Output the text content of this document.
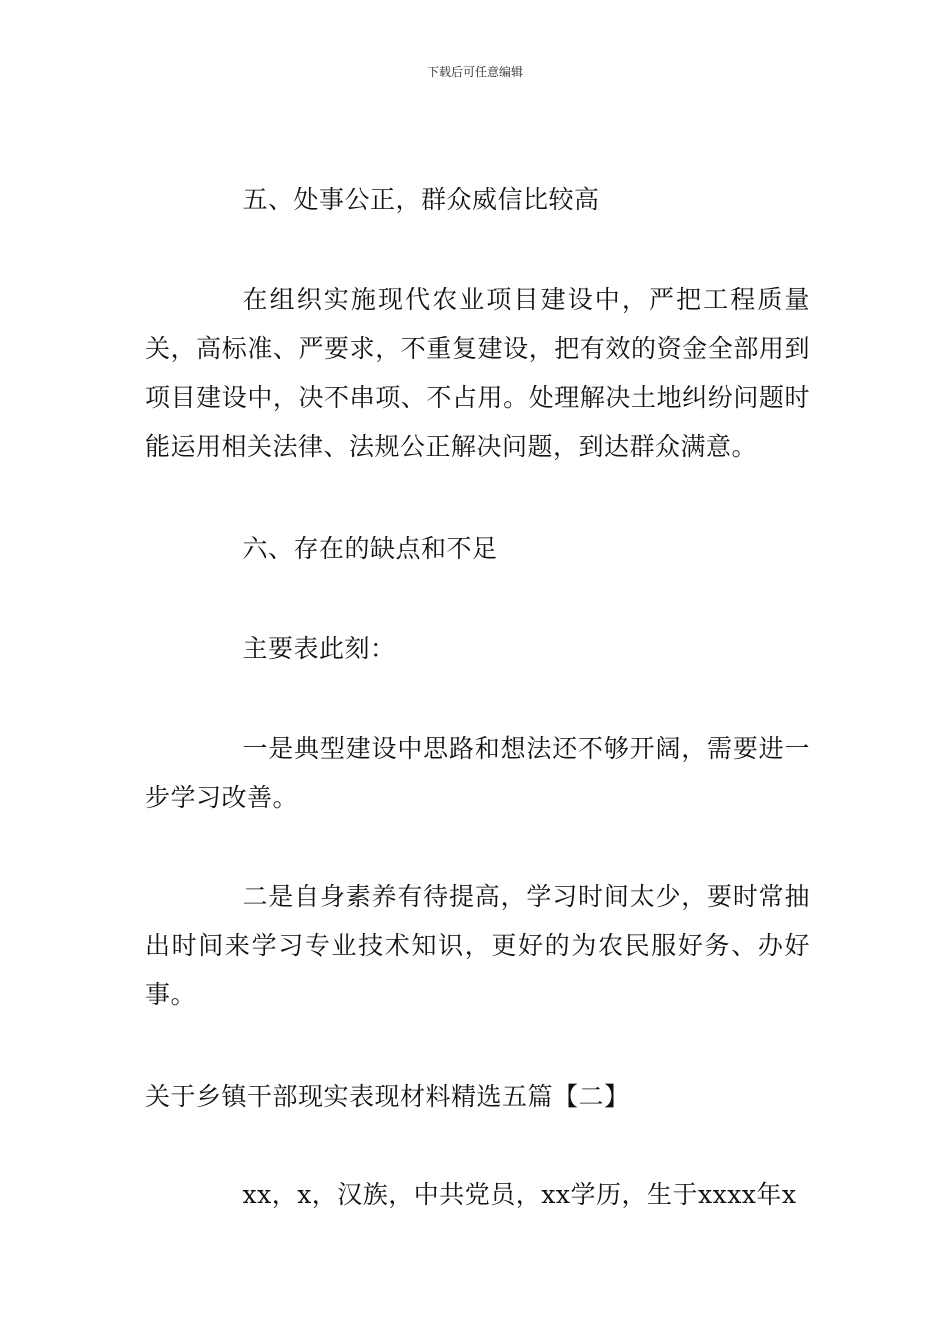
下载后可任意编辑

五、处事公正，群众威信比较高

在组织实施现代农业项目建设中，严把工程质量关，高标准、严要求，不重复建设，把有效的资金全部用到项目建设中，决不串项、不占用。处理解决土地纠纷问题时能运用相关法律、法规公正解决问题，到达群众满意。

六、存在的缺点和不足

主要表此刻：

一是典型建设中思路和想法还不够开阔，需要进一步学习改善。

二是自身素养有待提高，学习时间太少，要时常抽出时间来学习专业技术知识，更好的为农民服好务、办好事。

关于乡镇干部现实表现材料精选五篇【二】

xx，x，汉族，中共党员，xx学历，生于xxxx年x
